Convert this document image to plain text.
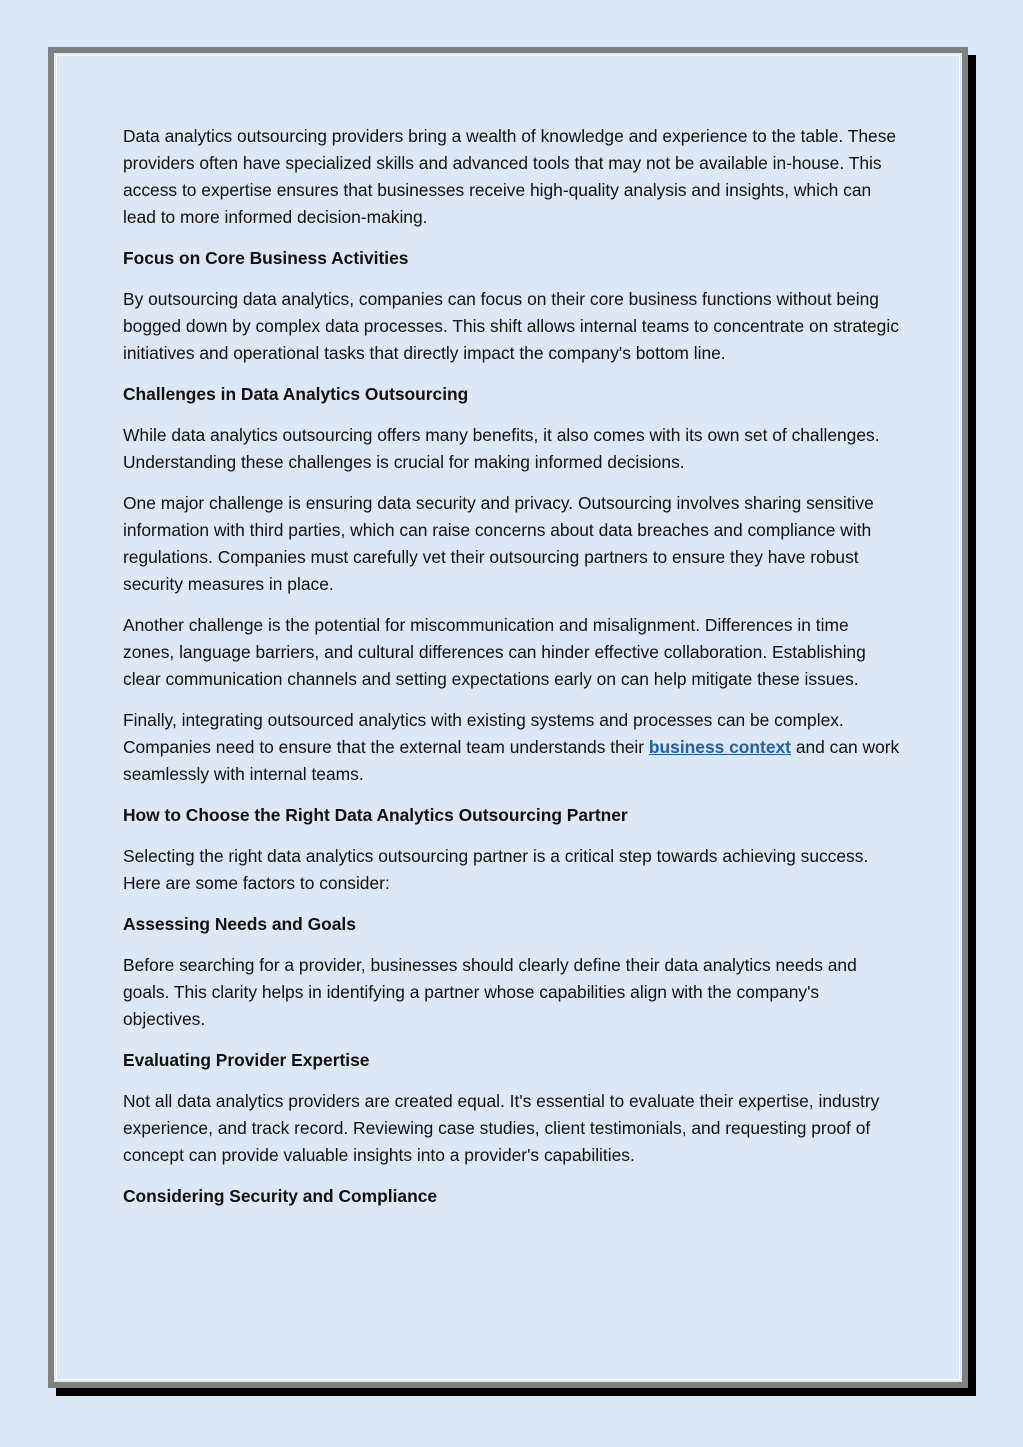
Data analytics outsourcing providers bring a wealth of knowledge and experience to the table. These providers often have specialized skills and advanced tools that may not be available in-house. This access to expertise ensures that businesses receive high-quality analysis and insights, which can lead to more informed decision-making.

Focus on Core Business Activities

By outsourcing data analytics, companies can focus on their core business functions without being bogged down by complex data processes. This shift allows internal teams to concentrate on strategic initiatives and operational tasks that directly impact the company's bottom line.

Challenges in Data Analytics Outsourcing

While data analytics outsourcing offers many benefits, it also comes with its own set of challenges. Understanding these challenges is crucial for making informed decisions.

One major challenge is ensuring data security and privacy. Outsourcing involves sharing sensitive information with third parties, which can raise concerns about data breaches and compliance with regulations. Companies must carefully vet their outsourcing partners to ensure they have robust security measures in place.

Another challenge is the potential for miscommunication and misalignment. Differences in time zones, language barriers, and cultural differences can hinder effective collaboration. Establishing clear communication channels and setting expectations early on can help mitigate these issues.

Finally, integrating outsourced analytics with existing systems and processes can be complex. Companies need to ensure that the external team understands their business context and can work seamlessly with internal teams.

How to Choose the Right Data Analytics Outsourcing Partner

Selecting the right data analytics outsourcing partner is a critical step towards achieving success. Here are some factors to consider:

Assessing Needs and Goals

Before searching for a provider, businesses should clearly define their data analytics needs and goals. This clarity helps in identifying a partner whose capabilities align with the company's objectives.

Evaluating Provider Expertise

Not all data analytics providers are created equal. It's essential to evaluate their expertise, industry experience, and track record. Reviewing case studies, client testimonials, and requesting proof of concept can provide valuable insights into a provider's capabilities.

Considering Security and Compliance
